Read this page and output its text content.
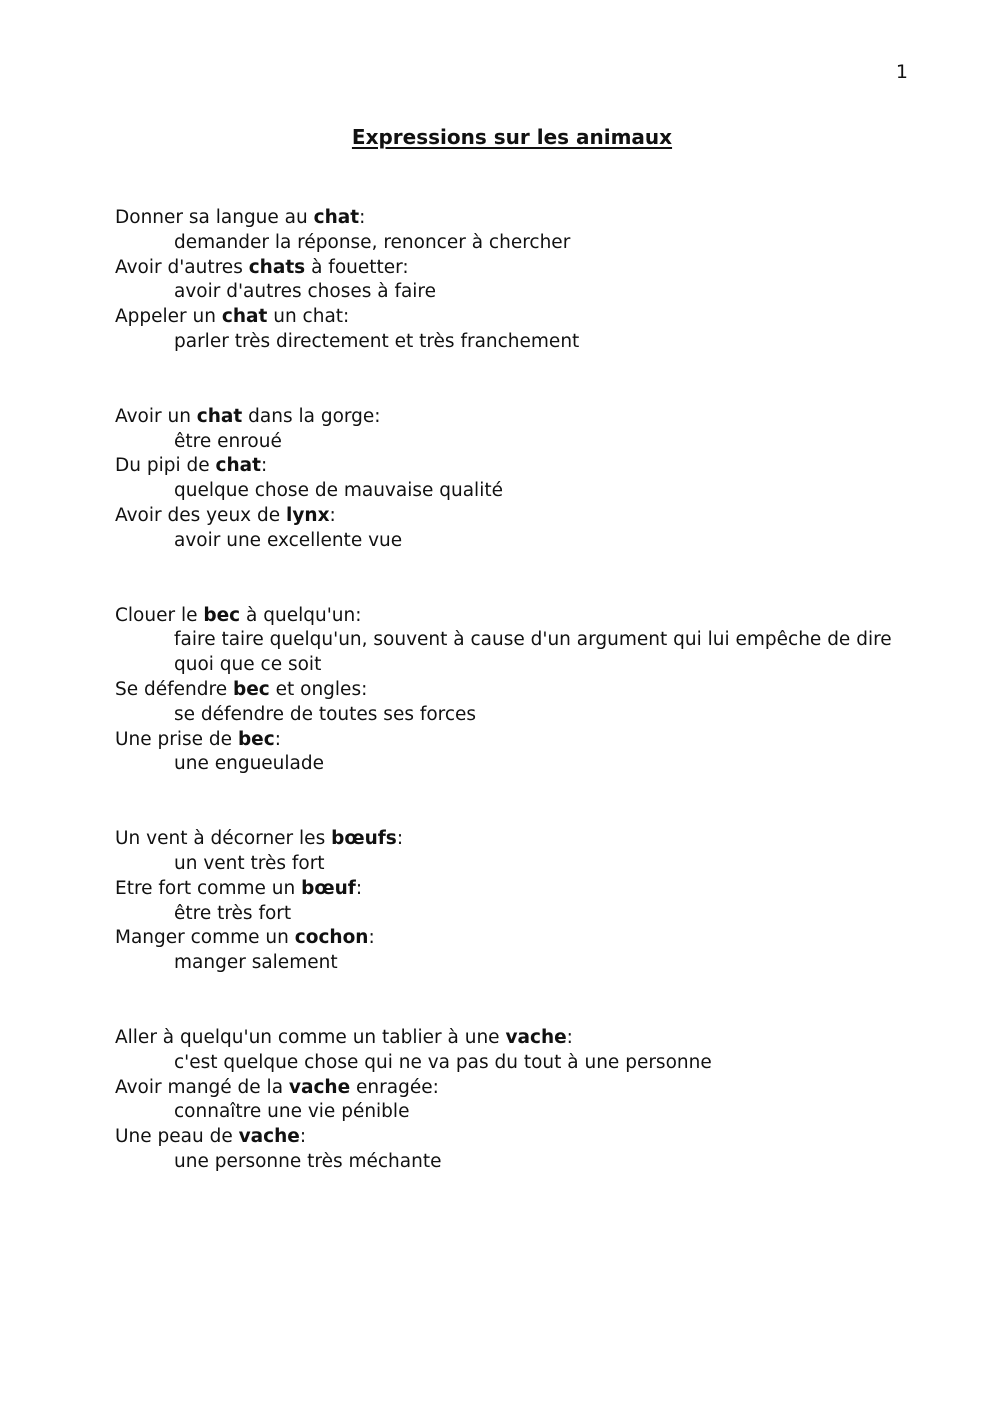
1
Expressions sur les animaux

Donner sa langue au chat:

demander la réponse, renoncer à chercher

Avoir d'autres chats à fouetter:

avoir d'autres choses à faire

Appeler un chat un chat:

parler très directement et très franchement

Avoir un chat dans la gorge:

être enroué

Du pipi de chat:

quelque chose de mauvaise qualité

Avoir des yeux de lynx:

avoir une excellente vue

Clouer le bec à quelqu'un:

faire taire quelqu'un, souvent à cause d'un argument qui lui empêche de dire quoi que ce soit

Se défendre bec et ongles:

se défendre de toutes ses forces

Une prise de bec:

une engueulade

Un vent à décorner les bœufs:

un vent très fort

Etre fort comme un bœuf:

être très fort

Manger comme un cochon:

manger salement

Aller à quelqu'un comme un tablier à une vache:

c'est quelque chose qui ne va pas du tout à une personne

Avoir mangé de la vache enragée:

connaître une vie pénible

Une peau de vache:

une personne très méchante
